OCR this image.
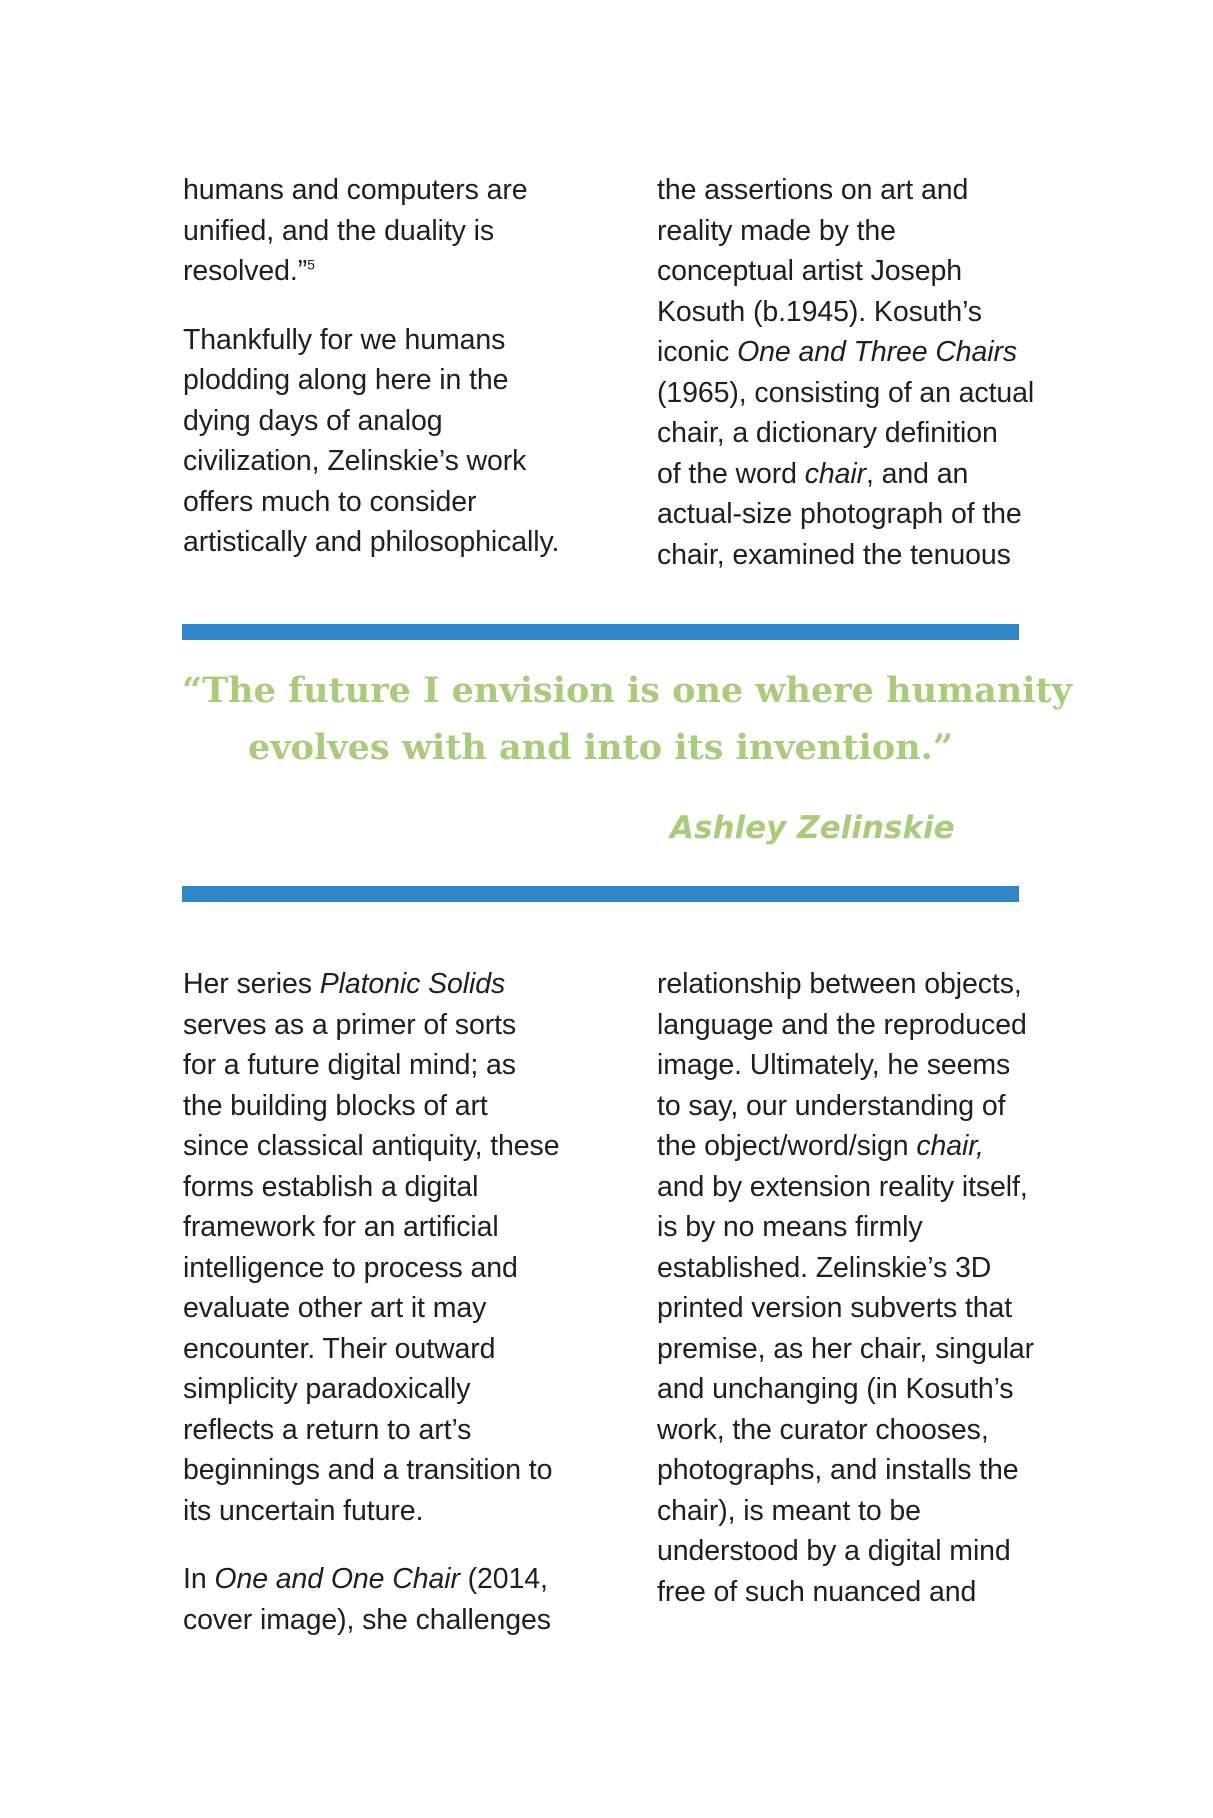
humans and computers are
unified, and the duality is
resolved.”$^5$

Thankfully for we humans
plodding along here in the
dying days of analog
civilization, Zelinskie’s work
offers much to consider
artistically and philosophically.

the assertions on art and
reality made by the
conceptual artist Joseph
Kosuth (b.1945). Kosuth’s
iconic One and Three Chairs
(1965), consisting of an actual
chair, a dictionary definition
of the word chair, and an
actual-size photograph of the
chair, examined the tenuous

“The future I envision is one where humanity
evolves with and into its invention.”

Ashley Zelinskie

Her series Platonic Solids
serves as a primer of sorts
for a future digital mind; as
the building blocks of art
since classical antiquity, these
forms establish a digital
framework for an artificial
intelligence to process and
evaluate other art it may
encounter. Their outward
simplicity paradoxically
reflects a return to art’s
beginnings and a transition to
its uncertain future.

In One and One Chair (2014,
cover image), she challenges

relationship between objects,
language and the reproduced
image. Ultimately, he seems
to say, our understanding of
the object/word/sign chair,
and by extension reality itself,
is by no means firmly
established. Zelinskie’s 3D
printed version subverts that
premise, as her chair, singular
and unchanging (in Kosuth’s
work, the curator chooses,
photographs, and installs the
chair), is meant to be
understood by a digital mind
free of such nuanced and
